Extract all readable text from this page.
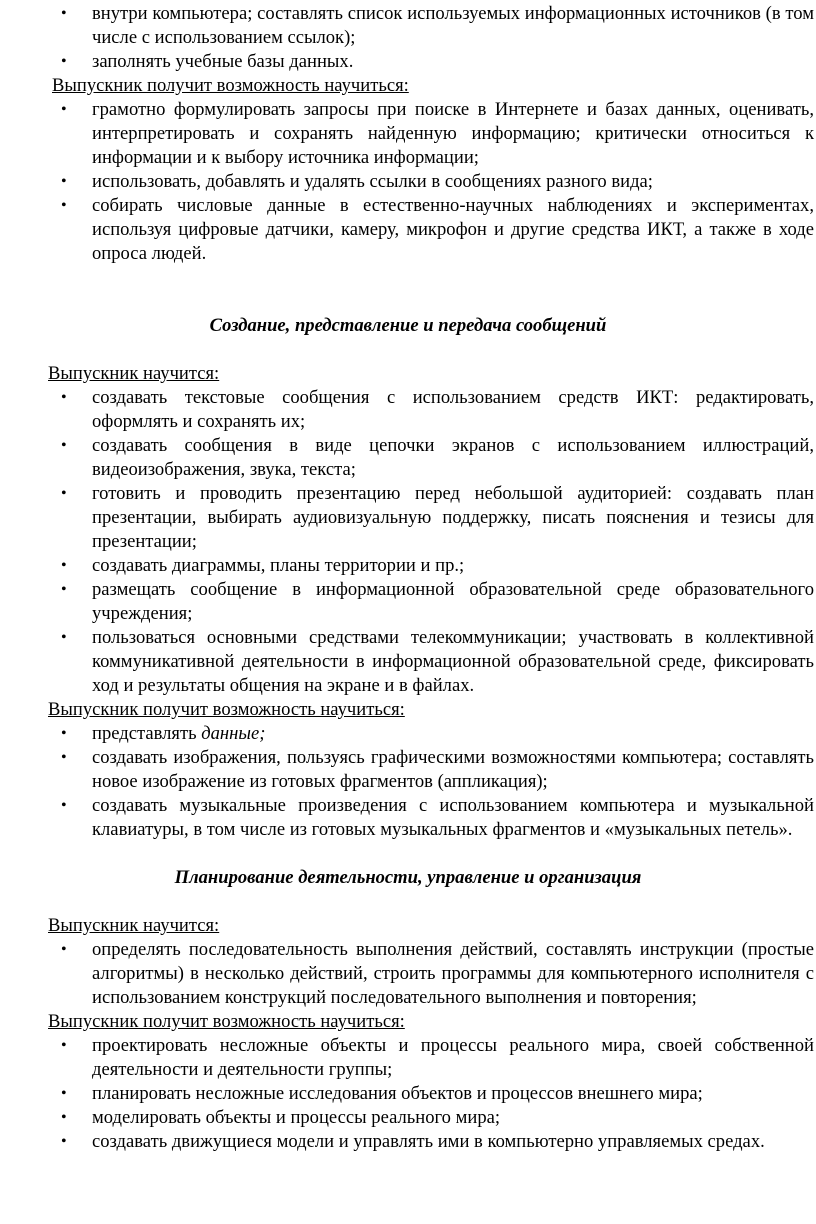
• внутри компьютера; составлять список используемых информационных источников (в том числе с использованием ссылок);
• заполнять учебные базы данных.
Выпускник получит возможность научиться:
• грамотно формулировать запросы при поиске в Интернете и базах данных, оценивать, интерпретировать и сохранять найденную информацию; критически относиться к информации и к выбору источника информации;
• использовать, добавлять и удалять ссылки в сообщениях разного вида;
• собирать числовые данные в естественно-научных наблюдениях и экспериментах, используя цифровые датчики, камеру, микрофон и другие средства ИКТ, а также в ходе опроса людей.
Создание, представление и передача сообщений
Выпускник научится:
• создавать текстовые сообщения с использованием средств ИКТ: редактировать, оформлять и сохранять их;
• создавать сообщения в виде цепочки экранов с использованием иллюстраций, видеоизображения, звука, текста;
• готовить и проводить презентацию перед небольшой аудиторией: создавать план презентации, выбирать аудиовизуальную поддержку, писать пояснения и тезисы для презентации;
• создавать диаграммы, планы территории и пр.;
• размещать сообщение в информационной образовательной среде образовательного учреждения;
• пользоваться основными средствами телекоммуникации; участвовать в коллективной коммуникативной деятельности в информационной образовательной среде, фиксировать ход и результаты общения на экране и в файлах.
Выпускник получит возможность научиться:
• представлять данные;
• создавать изображения, пользуясь графическими возможностями компьютера; составлять новое изображение из готовых фрагментов (аппликация);
• создавать музыкальные произведения с использованием компьютера и музыкальной клавиатуры, в том числе из готовых музыкальных фрагментов и «музыкальных петель».
Планирование деятельности, управление и организация
Выпускник научится:
• определять последовательность выполнения действий, составлять инструкции (простые алгоритмы) в несколько действий, строить программы для компьютерного исполнителя с использованием конструкций последовательного выполнения и повторения;
Выпускник получит возможность научиться:
• проектировать несложные объекты и процессы реального мира, своей собственной деятельности и деятельности группы;
• планировать несложные исследования объектов и процессов внешнего мира;
• моделировать объекты и процессы реального мира;
• создавать движущиеся модели и управлять ими в компьютерно управляемых средах.
